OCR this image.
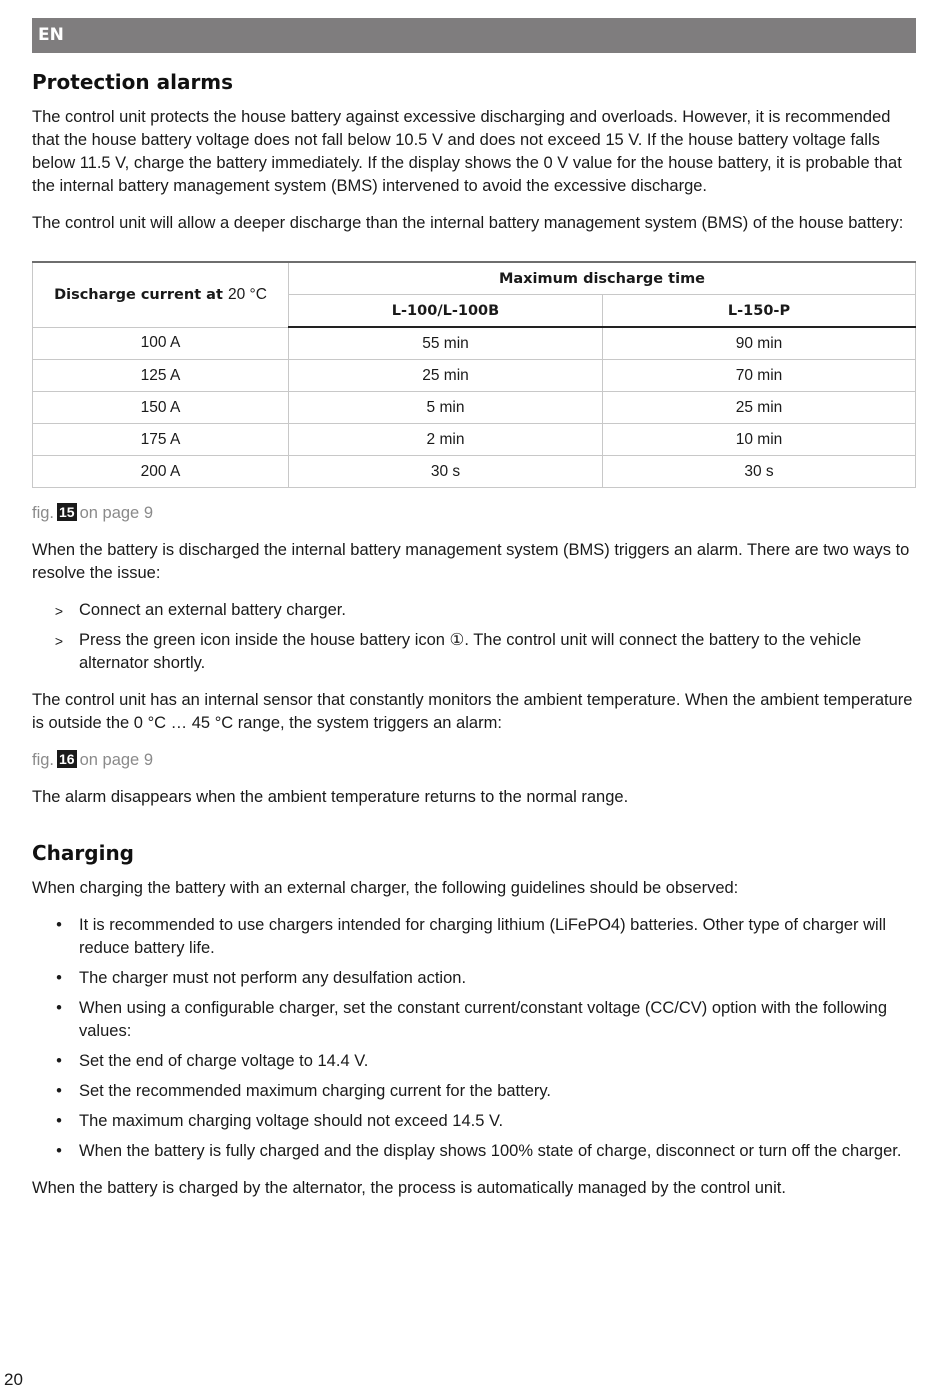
EN
Protection alarms

The control unit protects the house battery against excessive discharging and overloads. However, it is recommended that the house battery voltage does not fall below 10.5 V and does not exceed 15 V. If the house battery voltage falls below 11.5 V, charge the battery immediately. If the display shows the 0 V value for the house battery, it is probable that the internal battery management system (BMS) intervened to avoid the excessive discharge.

The control unit will allow a deeper discharge than the internal battery management system (BMS) of the house battery:

Discharge current at 20 °C	Maximum discharge time	
	L-100/L-100B	L-150-P
100 A	55 min	90 min
125 A	25 min	70 min
150 A	5 min	25 min
175 A	2 min	10 min
200 A	30 s	30 s

fig. 15 on page 9

When the battery is discharged the internal battery management system (BMS) triggers an alarm. There are two ways to resolve the issue:

> Connect an external battery charger.
> Press the green icon inside the house battery icon ①. The control unit will connect the battery to the vehicle alternator shortly.

The control unit has an internal sensor that constantly monitors the ambient temperature. When the ambient temperature is outside the 0 °C … 45 °C range, the system triggers an alarm:

fig. 16 on page 9

The alarm disappears when the ambient temperature returns to the normal range.

Charging

When charging the battery with an external charger, the following guidelines should be observed:

• It is recommended to use chargers intended for charging lithium (LiFePO4) batteries. Other type of charger will reduce battery life.
• The charger must not perform any desulfation action.
• When using a configurable charger, set the constant current/constant voltage (CC/CV) option with the following values:
• Set the end of charge voltage to 14.4 V.
• Set the recommended maximum charging current for the battery.
• The maximum charging voltage should not exceed 14.5 V.
• When the battery is fully charged and the display shows 100% state of charge, disconnect or turn off the charger.

When the battery is charged by the alternator, the process is automatically managed by the control unit.

20
